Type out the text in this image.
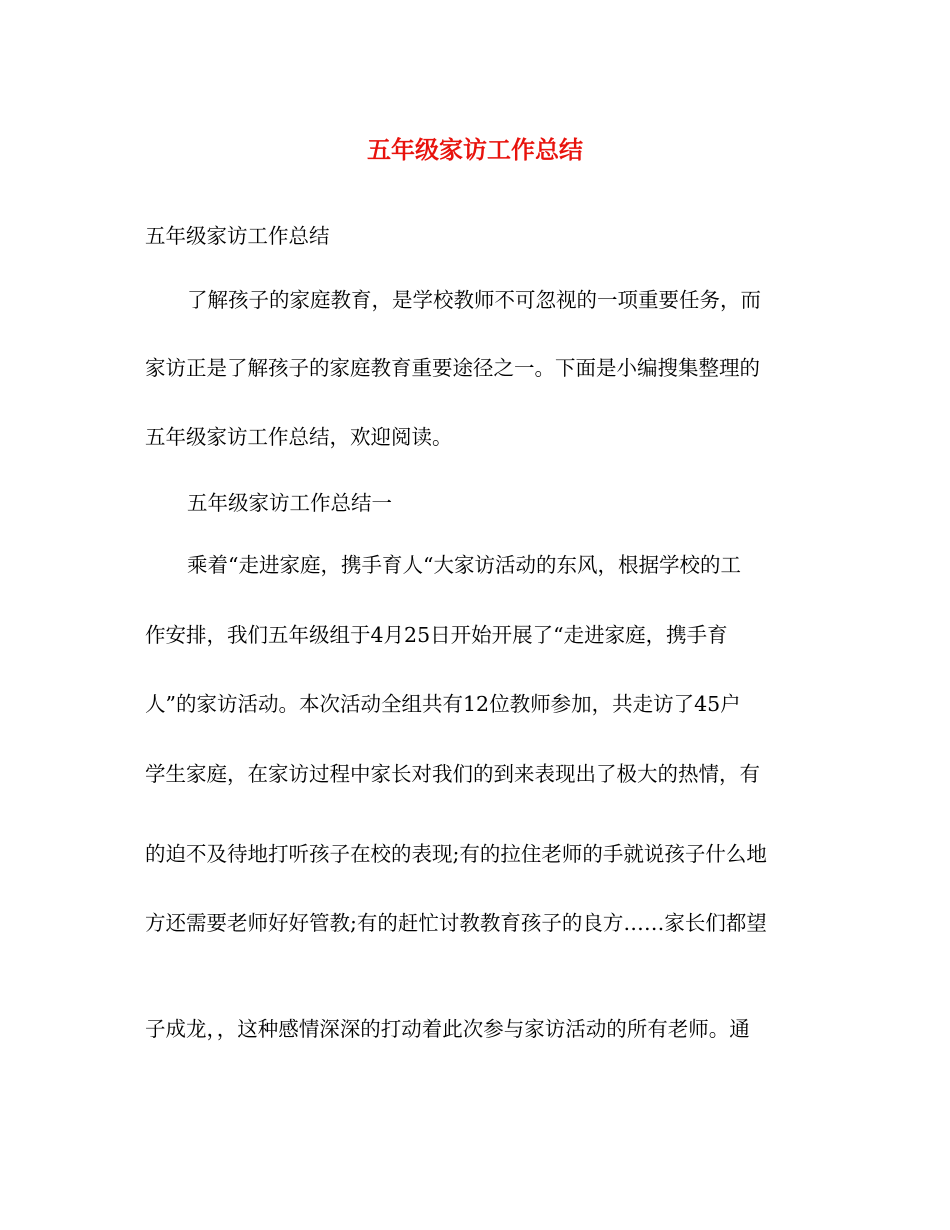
五年级家访工作总结
五年级家访工作总结
了解孩子的家庭教育，是学校教师不可忽视的一项重要任务，而
家访正是了解孩子的家庭教育重要途径之一。下面是小编搜集整理的
五年级家访工作总结，欢迎阅读。
五年级家访工作总结一
乘着“走进家庭，携手育人“大家访活动的东风，根据学校的工
作安排，我们五年级组于4月25日开始开展了“走进家庭，携手育
人”的家访活动。本次活动全组共有12位教师参加，共走访了45户
学生家庭，在家访过程中家长对我们的到来表现出了极大的热情，有
的迫不及待地打听孩子在校的表现;有的拉住老师的手就说孩子什么地
方还需要老师好好管教;有的赶忙讨教教育孩子的良方……家长们都望
子成龙，，这种感情深深的打动着此次参与家访活动的所有老师。通
